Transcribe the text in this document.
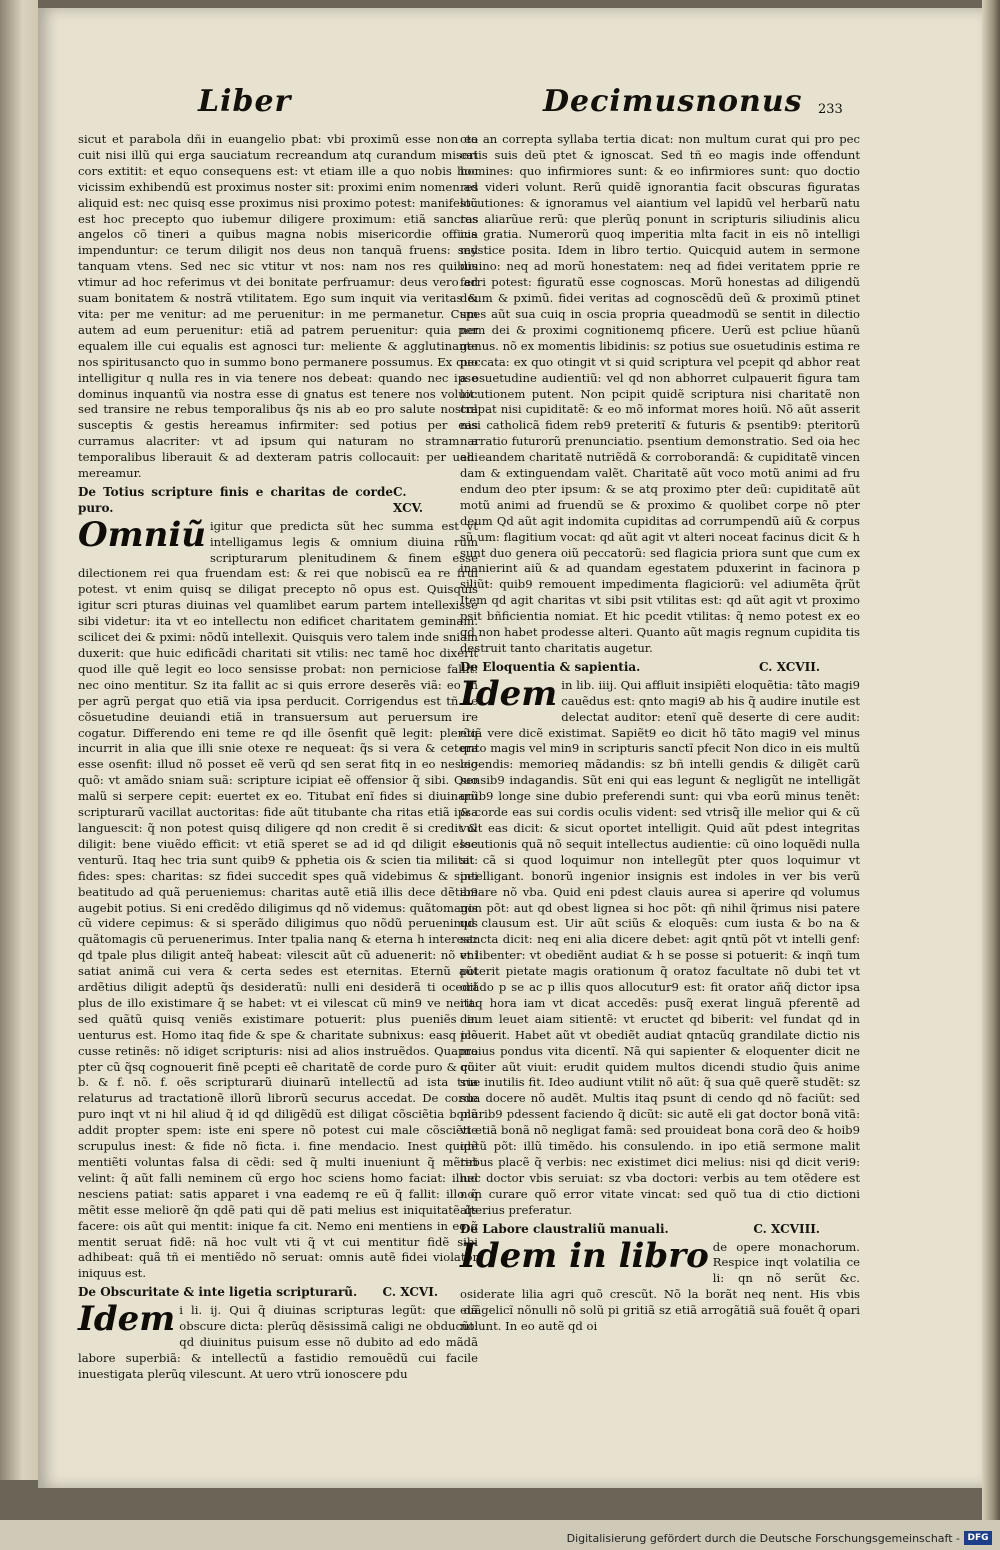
Liber	Decimusnonus 233

sicut et parabola dñi in euangelio pbat: vbi proximũ esse non eo cuit nisi illũ qui erga sauciatum recreandum atq curandum miseri cors extitit: et equo consequens est: vt etiam ille a quo nobis hoc vicissim exhibendũ est proximus noster sit: proximi enim nomen ad aliquid est: nec quisq esse proximus nisi proximo potest: manifestũ est hoc precepto quo iubemur diligere proximum: etiã sanctos angelos cõ tineri a quibus magna nobis misericordie officia impenduntur: ce terum diligit nos deus non tanquã fruens: sed tanquam vtens. Sed nec sic vtitur vt nos: nam nos res quibus vtimur ad hoc referimus vt dei bonitate perfruamur: deus vero ad suam bonitatem & nostrã vtilitatem. Ego sum inquit via veritas & vita: per me venitur: ad me peruenitur: in me permanetur. Cum autem ad eum peruenitur: etiã ad patrem peruenitur: quia per equalem ille cui equalis est agnosci tur: meliente & agglutinante nos spiritusancto quo in summo bono permanere possumus. Ex quo intelligitur q nulla res in via tenere nos debeat: quando nec ipse dominus inquantũ via nostra esse di gnatus est tenere nos voluit: sed transire ne rebus temporalibus q̃s nis ab eo pro salute nostra susceptis & gestis hereamus infirmiter: sed potius per eas curramus alacriter: vt ad ipsum qui naturam no stram a temporalibus liberauit & ad dexteram patris collocauit: per uehi mereamur.

De Totius scripture finis e charitas de corde puro.
C. XCV.

Omniũ igitur que predicta sũt hec summa est vt intelligamus legis & omnium diuina rum scripturarum plenitudinem & finem esse dilectionem rei qua fruendam est: & rei que nobiscũ ea re frui potest. vt enim quisq se diligat precepto nõ opus est. Quisquis igitur scri pturas diuinas vel quamlibet earum partem intellexisse sibi videtur: ita vt eo intellectu non edificet charitatem geminam. scilicet dei & pximi: nõdũ intellexit. Quisquis vero talem inde sniam duxerit: que huic edificãdi charitati sit vtilis: nec tamẽ hoc dixerit quod ille quẽ legit eo loco sensisse probat: non perniciose fallit: nec oino mentitur. Sz ita fallit ac si quis errore deserẽs viã: eo tñ per agrũ pergat quo etiã via ipsa perducit. Corrigendus est tñ ne cõsuetudine deuiandi etiã in transuersum aut peruersum ire cogatur. Differendo eni teme re qd ille õsenfit quẽ legit: plerũq incurrit in alia que illi snie otexe re nequeat: q̃s si vera & cetera esse osenfit: illud nõ posset eẽ verũ qd sen serat fitq in eo nescio quõ: vt amãdo sniam suã: scripture icipiat eẽ offensior q̃ sibi. Quo malũ si serpere cepit: euertet ex eo. Titubat enĩ fides si diuinarũ scripturarũ vacillat auctoritas: fide aũt titubante cha ritas etiã ipsa languescit: q̃ non potest quisq diligere qd non credit ẽ si credit & diligit: bene viuẽdo efficit: vt etiã speret se ad id qd diligit esse venturũ. Itaq hec tria sunt quib9 & pphetia ois & scien tia militat: fides: spes: charitas: sz fidei succedit spes quã videbimus & spei beatitudo ad quã perueniemus: charitas autẽ etiã illis dece dẽtib9 augebit potius. Si eni credẽdo diligimus qd nõ videmus: quãtomagis cũ videre cepimus: & si sperãdo diligimus quo nõdũ peruenimus quãtomagis cũ peruenerimus. Inter tpalia nanq & eterna h interest: qd tpale plus diligit anteq̃ habeat: vilescit aũt cũ aduenerit: nõ eni satiat animã cui vera & certa sedes est eternitas. Eternũ aũt ardẽtius diligit adeptũ q̃s desideratũ: nulli eni desiderã ti ocedit plus de illo existimare q̃ se habet: vt ei vilescat cũ min9 ve nerit: sed quãtũ quisq veniẽs existimare potuerit: plus pueniẽs in uenturus est. Homo itaq fide & spe & charitate subnixus: easq icõ cusse retinẽs: nõ idiget scripturis: nisi ad alios instruẽdos. Quapro pter cũ q̃sq cognouerit finẽ pcepti eẽ charitatẽ de corde puro & cõ. b. & f. nõ. f. oẽs scripturarũ diuinarũ intellectũ ad ista tria relaturus ad tractationẽ illorũ librorũ securus accedat. De corde puro inqt vt ni hil aliud q̃ id qd diligẽdũ est diligat cõsciẽtia bonã addit propter spem: iste eni spere nõ potest cui male cõsciẽtie scrupulus inest: & fide nõ ficta. i. fine mendacio. Inest quidẽ mentiẽti voluntas falsa di cẽdi: sed q̃ multi inueniunt q̃ mẽtiri velint: q̃ aũt falli neminem cũ ergo hoc sciens homo faciat: illud nesciens patiat: satis apparet i vna eademq re eũ q̃ fallit: illo q̃ mẽtit esse meliorẽ q̃n qdẽ pati qui dẽ pati melius est iniquitatẽ q̃s facere: ois aũt qui mentit: inique fa cit. Nemo eni mentiens in eo q̃ mentit seruat fidẽ: nã hoc vult vti q̃ vt cui mentitur fidẽ sibi adhibeat: quã tñ ei mentiẽdo nõ seruat: omnis autẽ fidei violator iniquus est.

De Obscuritate & inte ligetia scripturarũ. C. XCVI.

Idem i li. ij. Qui q̃ diuinas scripturas legũt: que dã obscure dicta: plerũq dẽsissimã caligi ne obducũt: qd diuinitus puisum esse nõ dubito ad edo mãdã labore superbiã: & intellectũ a fastidio remouẽdũ cui facile inuestigata plerũq vilescunt. At uero vtrũ ionoscere pdu

cta an correpta syllaba tertia dicat: non multum curat qui pro pec catis suis deũ ptet & ignoscat. Sed tñ eo magis inde offendunt homines: quo infirmiores sunt: & eo infirmiores sunt: quo doctio res videri volunt. Rerũ quidẽ ignorantia facit obscuras figuratas locutiones: & ignoramus vel aiantium vel lapidũ vel herbarũ natu ras aliarũue rerũ: que plerũq ponunt in scripturis siliudinis alicu ius gratia. Numerorũ quoq imperitia mlta facit in eis nõ intelligi mystice posita. Idem in libro tertio. Quicquid autem in sermone diuino: neq ad morũ honestatem: neq ad fidei veritatem pprie re ferri potest: figuratũ esse cognoscas. Morũ honestas ad diligendũ deum & pximũ. fidei veritas ad cognoscẽdũ deũ & proximũ ptinet spes aũt sua cuiq in oscia propria queadmodũ se sentit in dilectio nem dei & proximi cognitionemq pficere. Uerũ est pcliue hũanũ genus. nõ ex momentis libidinis: sz potius sue osuetudinis estima re peccata: ex quo otingit vt si quid scriptura vel pcepit qd abhor reat a osuetudine audientiũ: vel qd non abhorret culpauerit figura tam locutionem putent. Non pcipit quidẽ scriptura nisi charitatẽ non culpat nisi cupiditatẽ: & eo mõ informat mores hoiũ. Nõ aũt asserit nisi catholicã fidem reb9 preteritĩ & futuris & psentib9: pteritorũ narratio futurorũ prenunciatio. psentium demonstratio. Sed oia hec ad eandem charitatẽ nutriẽdã & corroborandã: & cupiditatẽ vincen dam & extinguendam valẽt. Charitatẽ aũt voco motũ animi ad fru endum deo pter ipsum: & se atq proximo pter deũ: cupiditatẽ aũt motũ animi ad fruendũ se & proximo & quolibet corpe nõ pter deum Qd aũt agit indomita cupiditas ad corrumpendũ aiũ & corpus sũ um: flagitium vocat: qd aũt agit vt alteri noceat facinus dicit & h sunt duo genera oiũ peccatorũ: sed flagicia priora sunt que cum ex inanierint aiũ & ad quandam egestatem pduxerint in facinora p siliũt: quib9 remouent impedimenta flagiciorũ: vel adiumẽta q̃rũt Item qd agit charitas vt sibi psit vtilitas est: qd aũt agit vt proximo psit bñficientia nomiat. Et hic pcedit vtilitas: q̃ nemo potest ex eo qd non habet prodesse alteri. Quanto aũt magis regnum cupidita tis destruit tanto charitatis augetur.

De Eloquentia & sapientia.	C. XCVII.

Idem in lib. iiij. Qui affluit insipiẽti eloquẽtia: tãto magi9 cauẽdus est: qnto magi9 ab his q̃ audire inutile est delectat auditor: etenĩ quẽ deserte di cere audit: etiã vere dicẽ existimat. Sapiẽt9 eo dicit hõ tãto magi9 vel minus qnto magis vel min9 in scripturis sanctĩ pfecit Non dico in eis multũ legendis: memorieq mãdandis: sz bñ intelli gendis & diligẽt carũ sensib9 indagandis. Sũt eni qui eas legunt & negligũt ne intelligãt quib9 longe sine dubio preferendi sunt: qui vba eorũ minus tenẽt: & corde eas sui cordis oculis vident: sed vtrisq̃ ille melior qui & cũ vult eas dicit: & sicut oportet intelligit. Quid aũt pdest integritas locutionis quã nõ sequit intellectus audientie: cũ oino loquẽdi nulla sit cã si quod loquimur non intellegũt pter quos loquimur vt intelligant. bonorũ ingenior insignis est indoles in ver bis verũ amare nõ vba. Quid eni pdest clauis aurea si aperire qd volumus non põt: aut qd obest lignea si hoc põt: qñ nihil q̃rimus nisi patere qd clausum est. Uir aũt sciũs & eloquẽs: cum iusta & bo na & sancta dicit: neq eni alia dicere debet: agit qntũ põt vt intelli genf: vt libenter: vt obediẽnt audiat & h se posse si potuerit: & inqñ tum poterit pietate magis orationum q̃ oratoz facultate nõ dubi tet vt orãdo p se ac p illis quos allocutur9 est: fit orator añq̃ dictor ipsa itaq hora iam vt dicat accedẽs: pusq̃ exerat linguã pferentẽ ad deum leuet aiam sitientẽ: vt eructet qd biberit: vel fundat qd in pleuerit. Habet aũt vt obediẽt audiat qntacũq grandilate dictio nis maius pondus vita dicentĩ. Nã qui sapienter & eloquenter dicit ne quiter aũt viuit: erudit quidem multos dicendi studio q̃uis anime sue inutilis fit. Ideo audiunt vtilit nõ aũt: q̃ sua quẽ querẽ studẽt: sz sua docere nõ audẽt. Multis itaq psunt di cendo qd nõ faciũt: sed plurib9 pdessent faciendo q̃ dicũt: sic autẽ eli gat doctor bonã vitã: vt etiã bonã nõ negligat famã: sed prouideat bona corã deo & hoib9 qntũ põt: illũ timẽdo. his consulendo. in ipo etiã sermone malit rebus placẽ q̃ verbis: nec existimet dici melius: nisi qd dicit veri9: nec doctor vbis seruiat: sz vba doctori: verbis au tem otẽdere est non curare quõ error vitate vincat: sed quõ tua di ctio dictioni alterius preferatur.

De Labore claustraliũ manuali.	C. XCVIII.

Idem in libro de opere monachorum. Respice inqt volatilia ce li: qn nõ serũt &c. osiderate lilia agri quõ crescũt. Nõ la borãt neq nent. His vbis euãgelicĩ nõnulli nõ solũ pi gritiã sz etiã arrogãtiã suã fouẽt q̃ opari nolunt. In eo autẽ qd oi

Digitalisierung gefördert durch die Deutsche Forschungsgemeinschaft - DFG
